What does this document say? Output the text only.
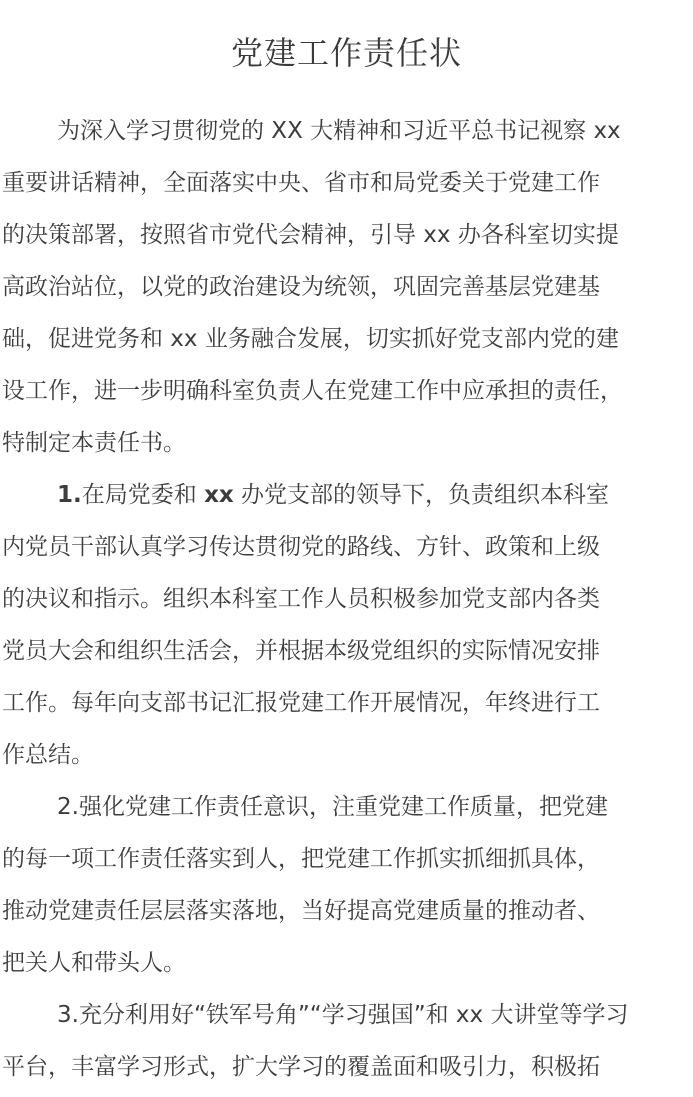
党建工作责任状
为深入学习贯彻党的 XX 大精神和习近平总书记视察 xx
重要讲话精神，全面落实中央、省市和局党委关于党建工作
的决策部署，按照省市党代会精神，引导 xx 办各科室切实提
高政治站位，以党的政治建设为统领，巩固完善基层党建基
础，促进党务和 xx 业务融合发展，切实抓好党支部内党的建
设工作，进一步明确科室负责人在党建工作中应承担的责任，
特制定本责任书。
1.在局党委和 xx 办党支部的领导下，负责组织本科室
内党员干部认真学习传达贯彻党的路线、方针、政策和上级
的决议和指示。组织本科室工作人员积极参加党支部内各类
党员大会和组织生活会，并根据本级党组织的实际情况安排
工作。每年向支部书记汇报党建工作开展情况，年终进行工
作总结。
2.强化党建工作责任意识，注重党建工作质量，把党建
的每一项工作责任落实到人，把党建工作抓实抓细抓具体，
推动党建责任层层落实落地，当好提高党建质量的推动者、
把关人和带头人。
3.充分利用好“铁军号角”“学习强国”和 xx 大讲堂等学习
平台，丰富学习形式，扩大学习的覆盖面和吸引力，积极拓
